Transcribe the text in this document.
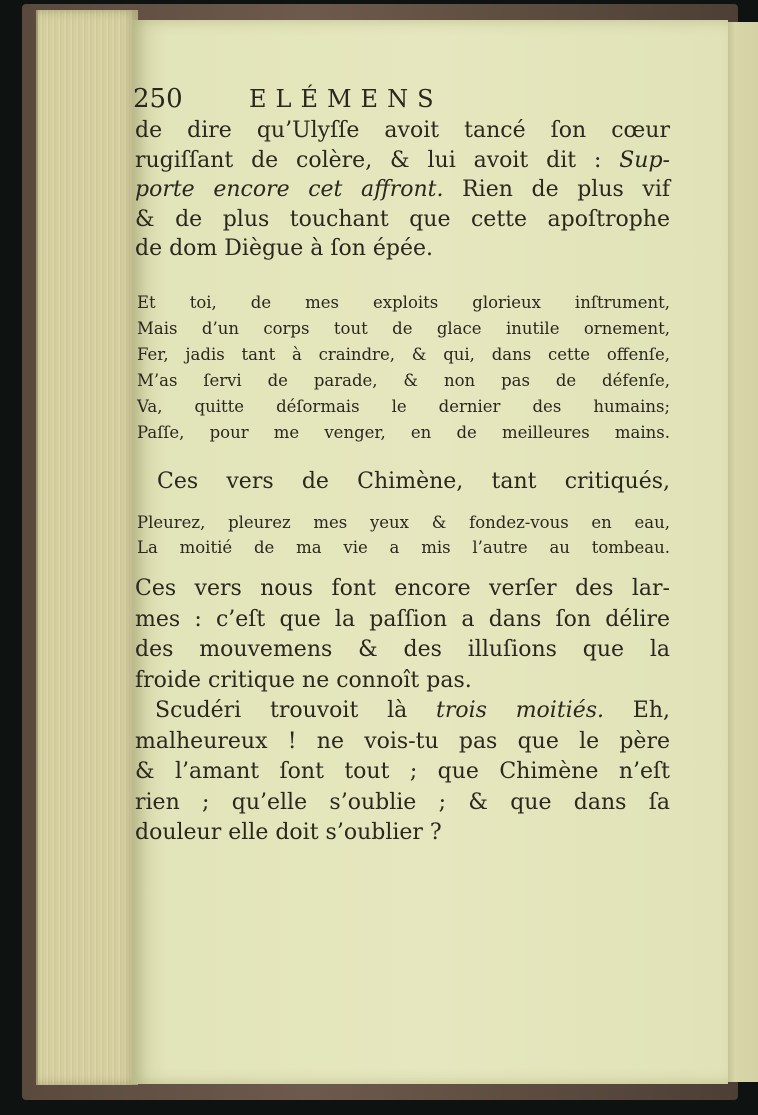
250	ELÉMENS
de dire qu’Ulyſſe avoit tancé ſon cœur
rugiſſant de colère, & lui avoit dit : Sup-
porte encore cet affront. Rien de plus vif
& de plus touchant que cette apoſtrophe
de dom Diègue à ſon épée.
Et toi, de mes exploits glorieux inſtrument,
Mais d’un corps tout de glace inutile ornement,
Fer, jadis tant à craindre, & qui, dans cette offenſe,
M’as ſervi de parade, & non pas de défenſe,
Va, quitte déſormais le dernier des humains;
Paſſe, pour me venger, en de meilleures mains.
Ces vers de Chimène, tant critiqués,
Pleurez, pleurez mes yeux & fondez-vous en eau,
La moitié de ma vie a mis l’autre au tombeau.
Ces vers nous font encore verſer des lar-
mes : c’eſt que la paſſion a dans ſon délire
des mouvemens & des illuſions que la
froide critique ne connoît pas.
Scudéri trouvoit là trois moitiés. Eh,
malheureux ! ne vois-tu pas que le père
& l’amant ſont tout ; que Chimène n’eſt
rien ; qu’elle s’oublie ; & que dans ſa
douleur elle doit s’oublier ?
